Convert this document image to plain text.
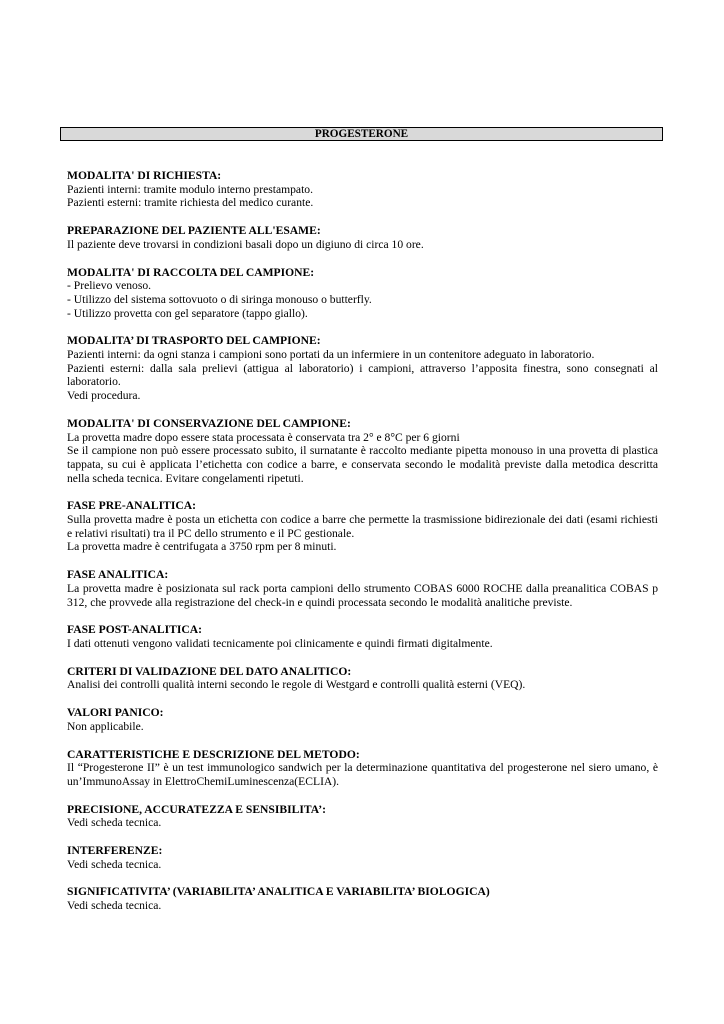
PROGESTERONE

MODALITA' DI RICHIESTA:

Pazienti interni: tramite modulo interno prestampato.

Pazienti esterni: tramite richiesta del medico curante.

PREPARAZIONE DEL PAZIENTE ALL'ESAME:

Il paziente deve trovarsi in condizioni basali dopo un digiuno di circa 10 ore.

MODALITA' DI RACCOLTA DEL CAMPIONE:

- Prelievo venoso.

- Utilizzo del sistema sottovuoto o di siringa monouso o butterfly.

- Utilizzo provetta con gel separatore (tappo giallo).

MODALITA’ DI TRASPORTO DEL CAMPIONE:

Pazienti interni: da ogni stanza i campioni sono portati da un infermiere in un contenitore adeguato in laboratorio.

Pazienti esterni: dalla sala prelievi (attigua al laboratorio) i campioni, attraverso l’apposita finestra, sono consegnati al laboratorio.

Vedi procedura.

MODALITA' DI CONSERVAZIONE DEL CAMPIONE:

La provetta madre dopo essere stata processata è conservata tra 2° e 8°C per 6 giorni

Se il campione non può essere processato subito, il surnatante è raccolto mediante pipetta monouso in una provetta di plastica tappata, su cui è applicata l’etichetta con codice a barre, e conservata secondo le modalità previste dalla metodica descritta nella scheda tecnica. Evitare congelamenti ripetuti.

FASE PRE-ANALITICA:

Sulla provetta madre è posta un etichetta con codice a barre che permette la trasmissione bidirezionale dei dati (esami richiesti e relativi risultati) tra il PC dello strumento e il PC gestionale.

La provetta madre è centrifugata a 3750 rpm per 8 minuti.

FASE ANALITICA:

La provetta madre è posizionata sul rack porta campioni dello strumento COBAS 6000 ROCHE dalla preanalitica COBAS p 312, che provvede alla registrazione del check-in e quindi processata secondo le modalità analitiche previste.

FASE POST-ANALITICA:

I dati ottenuti vengono validati tecnicamente poi clinicamente e quindi firmati digitalmente.

CRITERI DI VALIDAZIONE DEL DATO ANALITICO:

Analisi dei controlli qualità interni secondo le regole di Westgard e controlli qualità esterni (VEQ).

VALORI PANICO:

Non applicabile.

CARATTERISTICHE E DESCRIZIONE DEL METODO:

Il “Progesterone II” è un test immunologico sandwich per la determinazione quantitativa del progesterone nel siero umano, è un’ImmunoAssay in ElettroChemiLuminescenza(ECLIA).

PRECISIONE, ACCURATEZZA E SENSIBILITA’:

Vedi scheda tecnica.

INTERFERENZE:

Vedi scheda tecnica.

SIGNIFICATIVITA’ (VARIABILITA’ ANALITICA E VARIABILITA’ BIOLOGICA)

Vedi scheda tecnica.
